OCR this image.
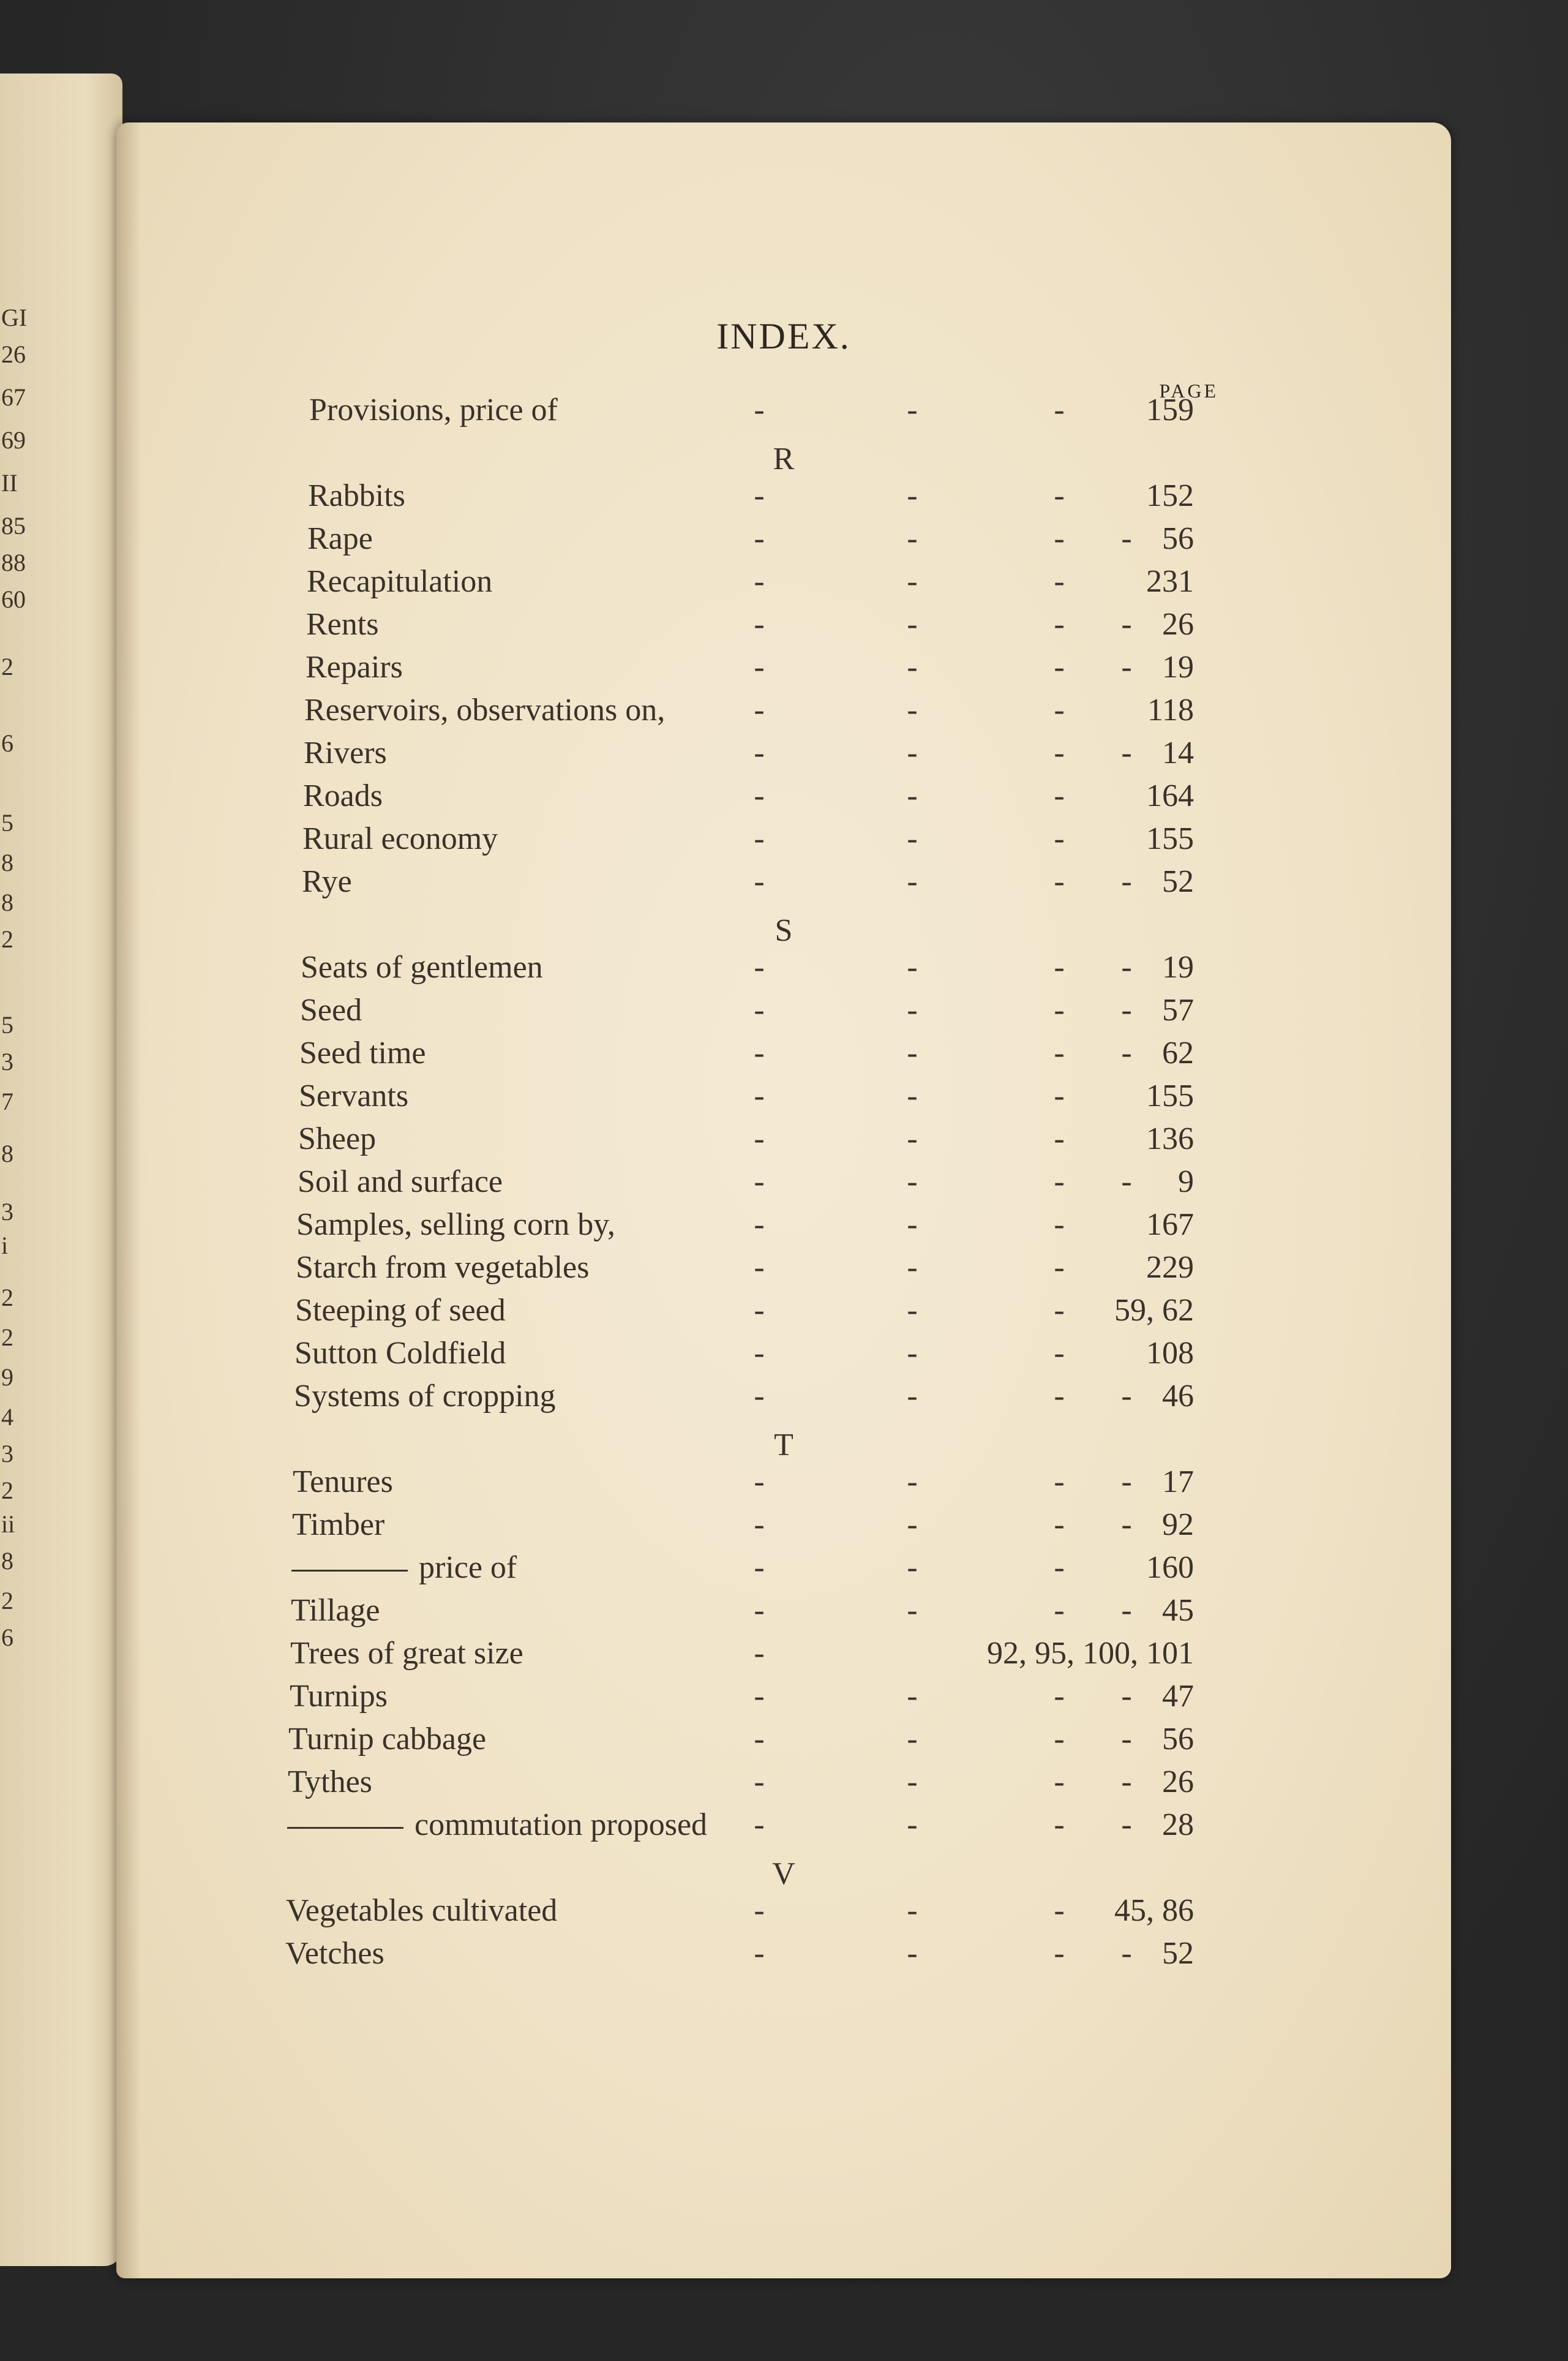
GI
26
67
69
II
85
88
60
2
6
5
8
8
2
5
3
7
8
3
i
2
2
9
4
3
2
ii
8
2
6
INDEX.
PAGE
Provisions, price of	-	-	-	159
R
Rabbits	-	-	-	152
Rape	-	-	- - 56
Recapitulation	-	-	-	231
Rents	-	-	- - 26
Repairs	-	-	- - 19
Reservoirs, observations on,	-	-	-	118
Rivers	-	-	- - 14
Roads	-	-	-	164
Rural economy	-	-	-	155
Rye	-	-	- - 52
S
Seats of gentlemen	-	-	- - 19
Seed	-	-	- - 57
Seed time	-	-	- - 62
Servants	-	-	-	155
Sheep	-	-	-	136
Soil and surface	-	-	- - 9
Samples, selling corn by,	-	-	-	167
Starch from vegetables	-	-	-	229
Steeping of seed	-	-	- 59, 62
Sutton Coldfield	-	-	-	108
Systems of cropping	-	-	- - 46
T
Tenures	-	-	- - 17
Timber	-	-	- - 92
price of	-	-	-	160
Tillage	-	-	- - 45
Trees of great size	-	92, 95, 100, 101
Turnips	-	-	- - 47
Turnip cabbage	-	-	- - 56
Tythes	-	-	- - 26
commutation proposed -	-	- - 28
V
Vegetables cultivated	-	-	- 45, 86
Vetches	-	-	- - 52
